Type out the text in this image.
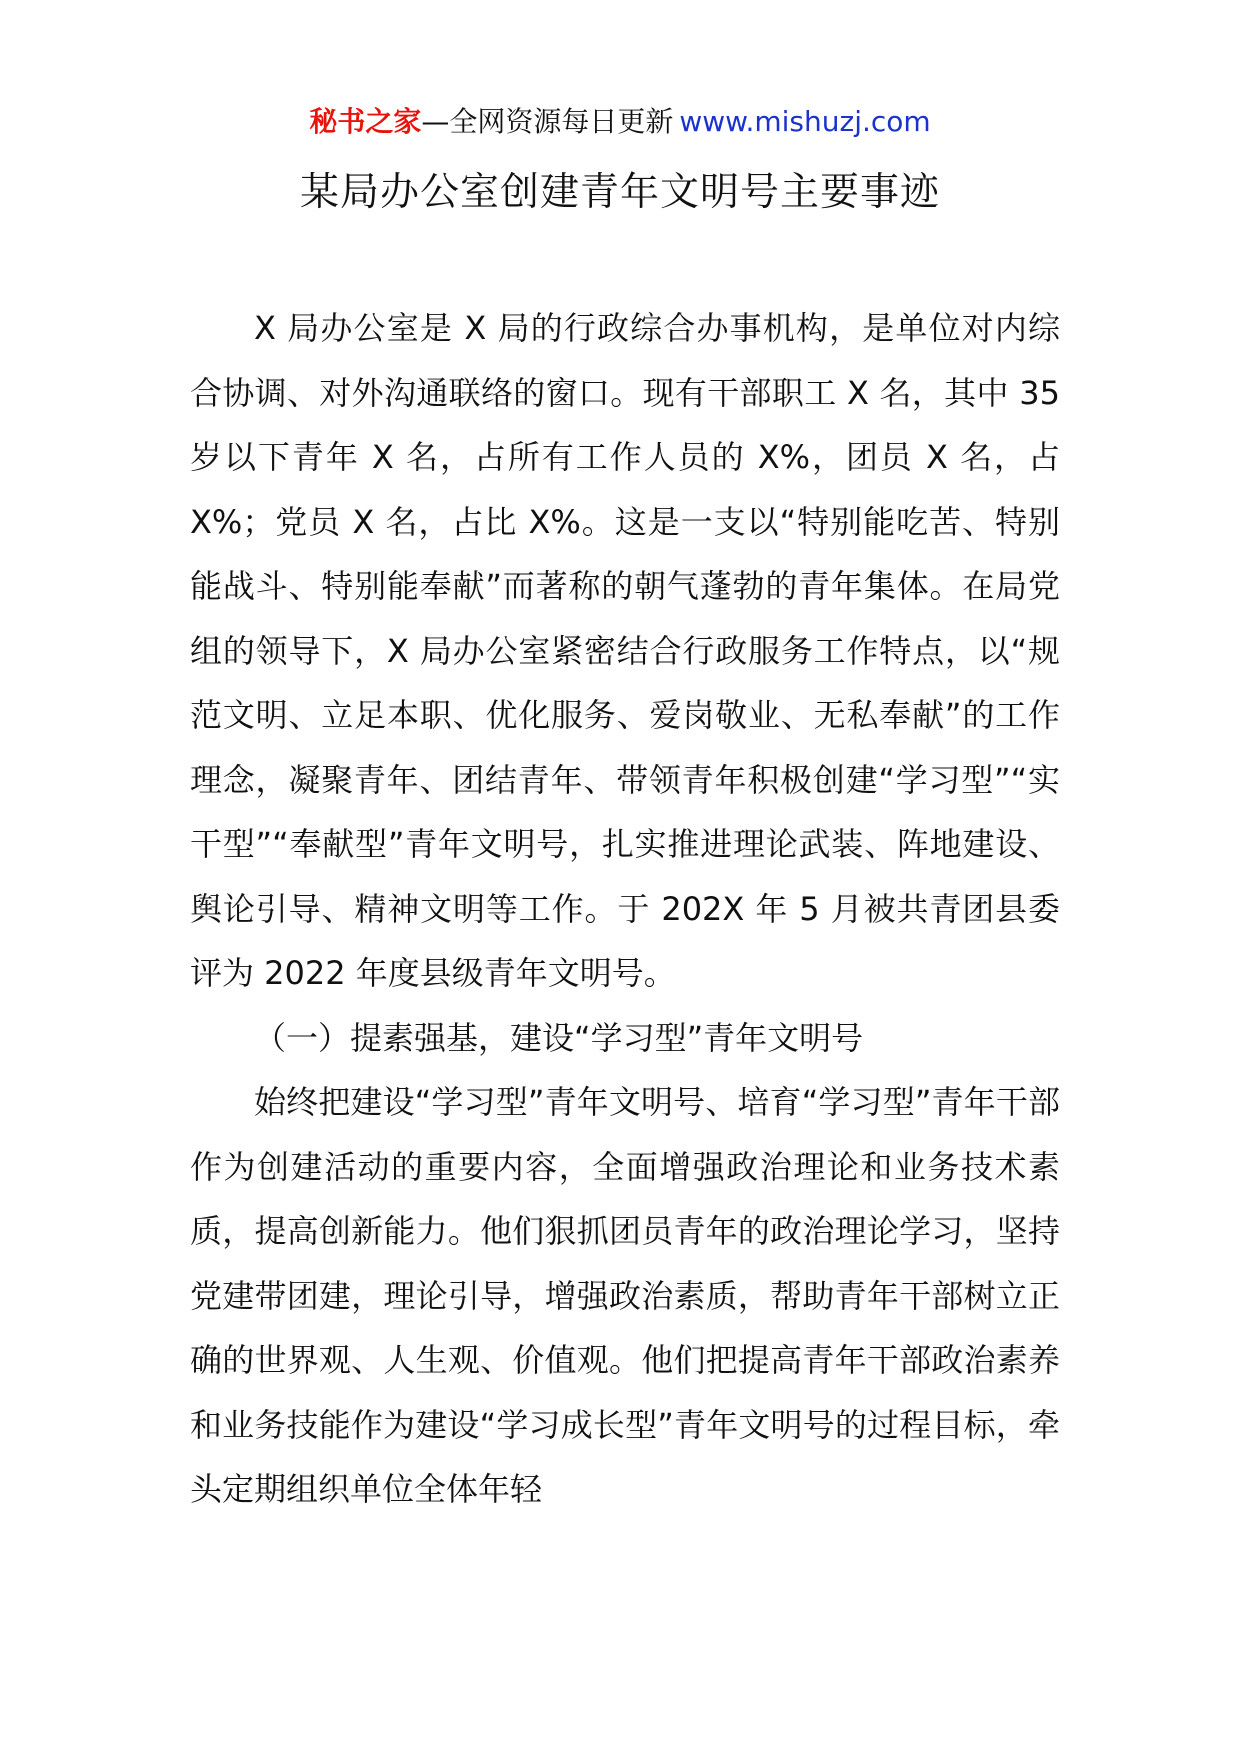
秘书之家—全网资源每日更新 www.mishuzj.com
某局办公室创建青年文明号主要事迹

X 局办公室是 X 局的行政综合办事机构，是单位对内综合协调、对外沟通联络的窗口。现有干部职工 X 名，其中 35 岁以下青年 X 名，占所有工作人员的 X%，团员 X 名，占 X%；党员 X 名，占比 X%。这是一支以“特别能吃苦、特别能战斗、特别能奉献”而著称的朝气蓬勃的青年集体。在局党组的领导下，X 局办公室紧密结合行政服务工作特点，以“规范文明、立足本职、优化服务、爱岗敬业、无私奉献”的工作理念，凝聚青年、团结青年、带领青年积极创建“学习型”“实干型”“奉献型”青年文明号，扎实推进理论武装、阵地建设、舆论引导、精神文明等工作。于 202X 年 5 月被共青团县委评为 2022 年度县级青年文明号。

（一）提素强基，建设“学习型”青年文明号

始终把建设“学习型”青年文明号、培育“学习型”青年干部作为创建活动的重要内容，全面增强政治理论和业务技术素质，提高创新能力。他们狠抓团员青年的政治理论学习，坚持党建带团建，理论引导，增强政治素质，帮助青年干部树立正确的世界观、人生观、价值观。他们把提高青年干部政治素养和业务技能作为建设“学习成长型”青年文明号的过程目标，牵头定期组织单位全体年轻
